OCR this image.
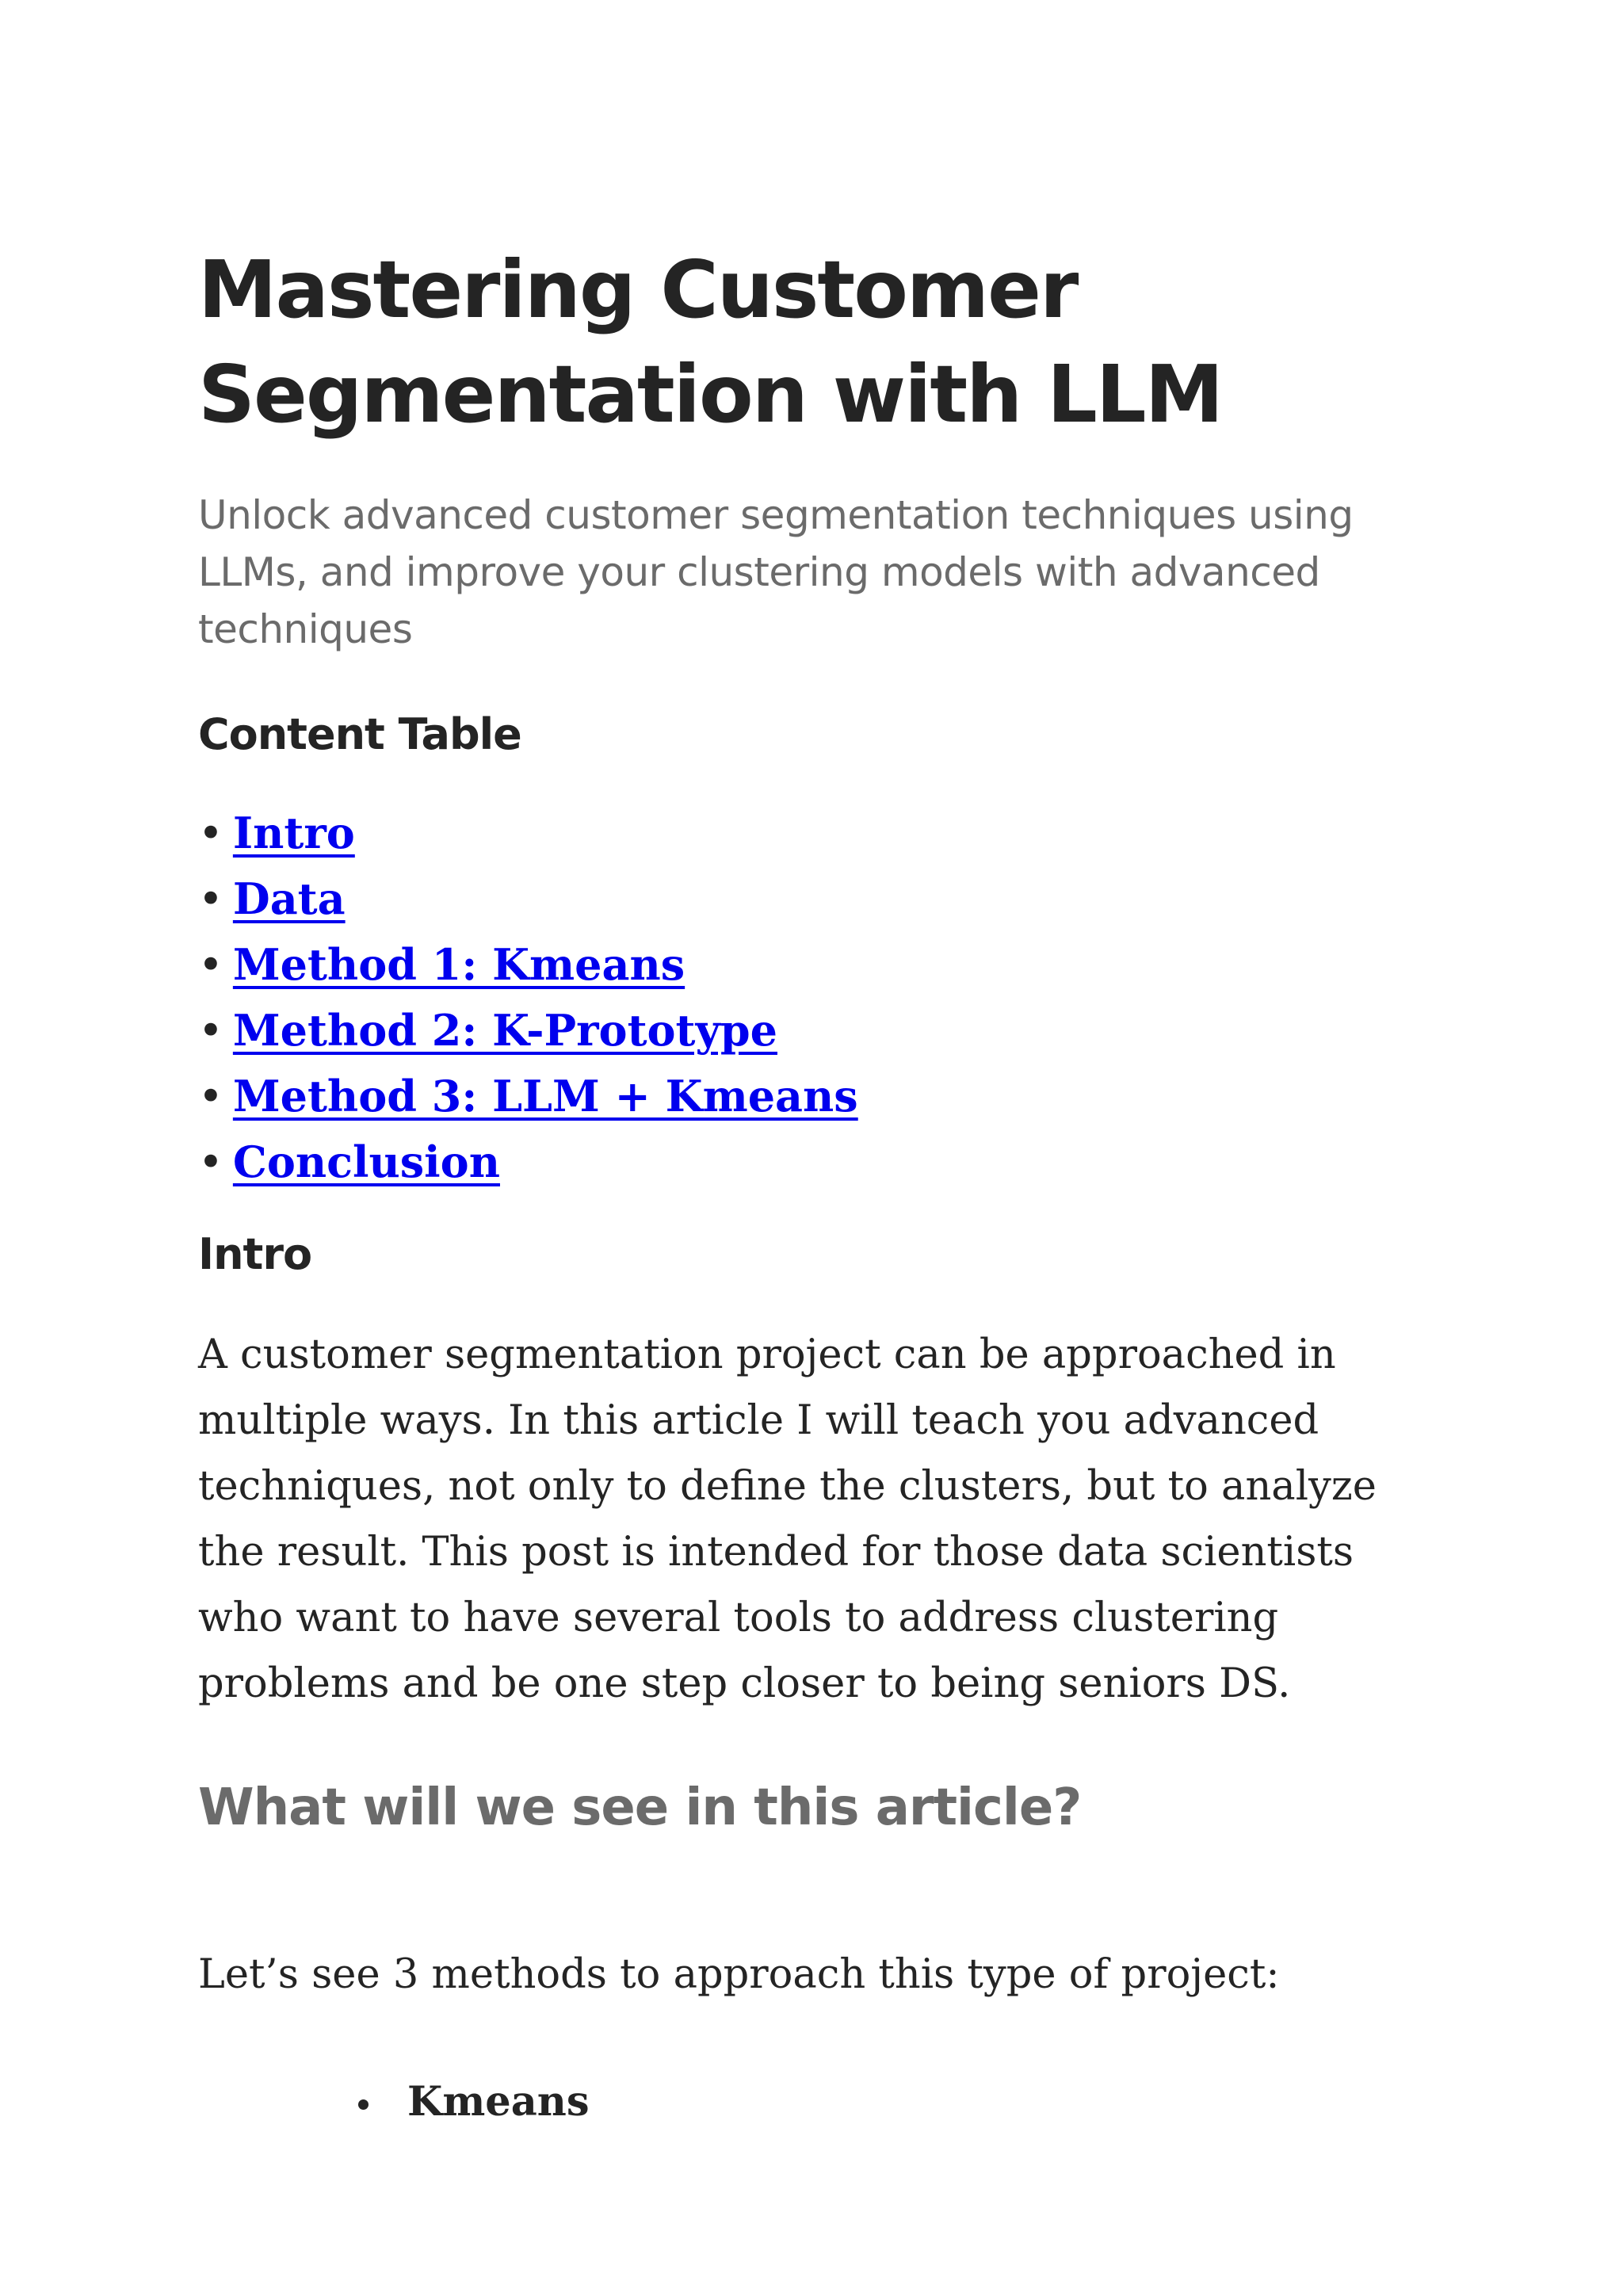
Mastering Customer
Segmentation with LLM

Unlock advanced customer segmentation techniques using LLMs, and improve your clustering models with advanced techniques

Content Table
• Intro
• Data
• Method 1: Kmeans
• Method 2: K-Prototype
• Method 3: LLM + Kmeans
• Conclusion
Intro

A customer segmentation project can be approached in multiple ways. In this article I will teach you advanced techniques, not only to define the clusters, but to analyze the result. This post is intended for those data scientists who want to have several tools to address clustering problems and be one step closer to being seniors DS.

What will we see in this article?

Let’s see 3 methods to approach this type of project:

Kmeans
